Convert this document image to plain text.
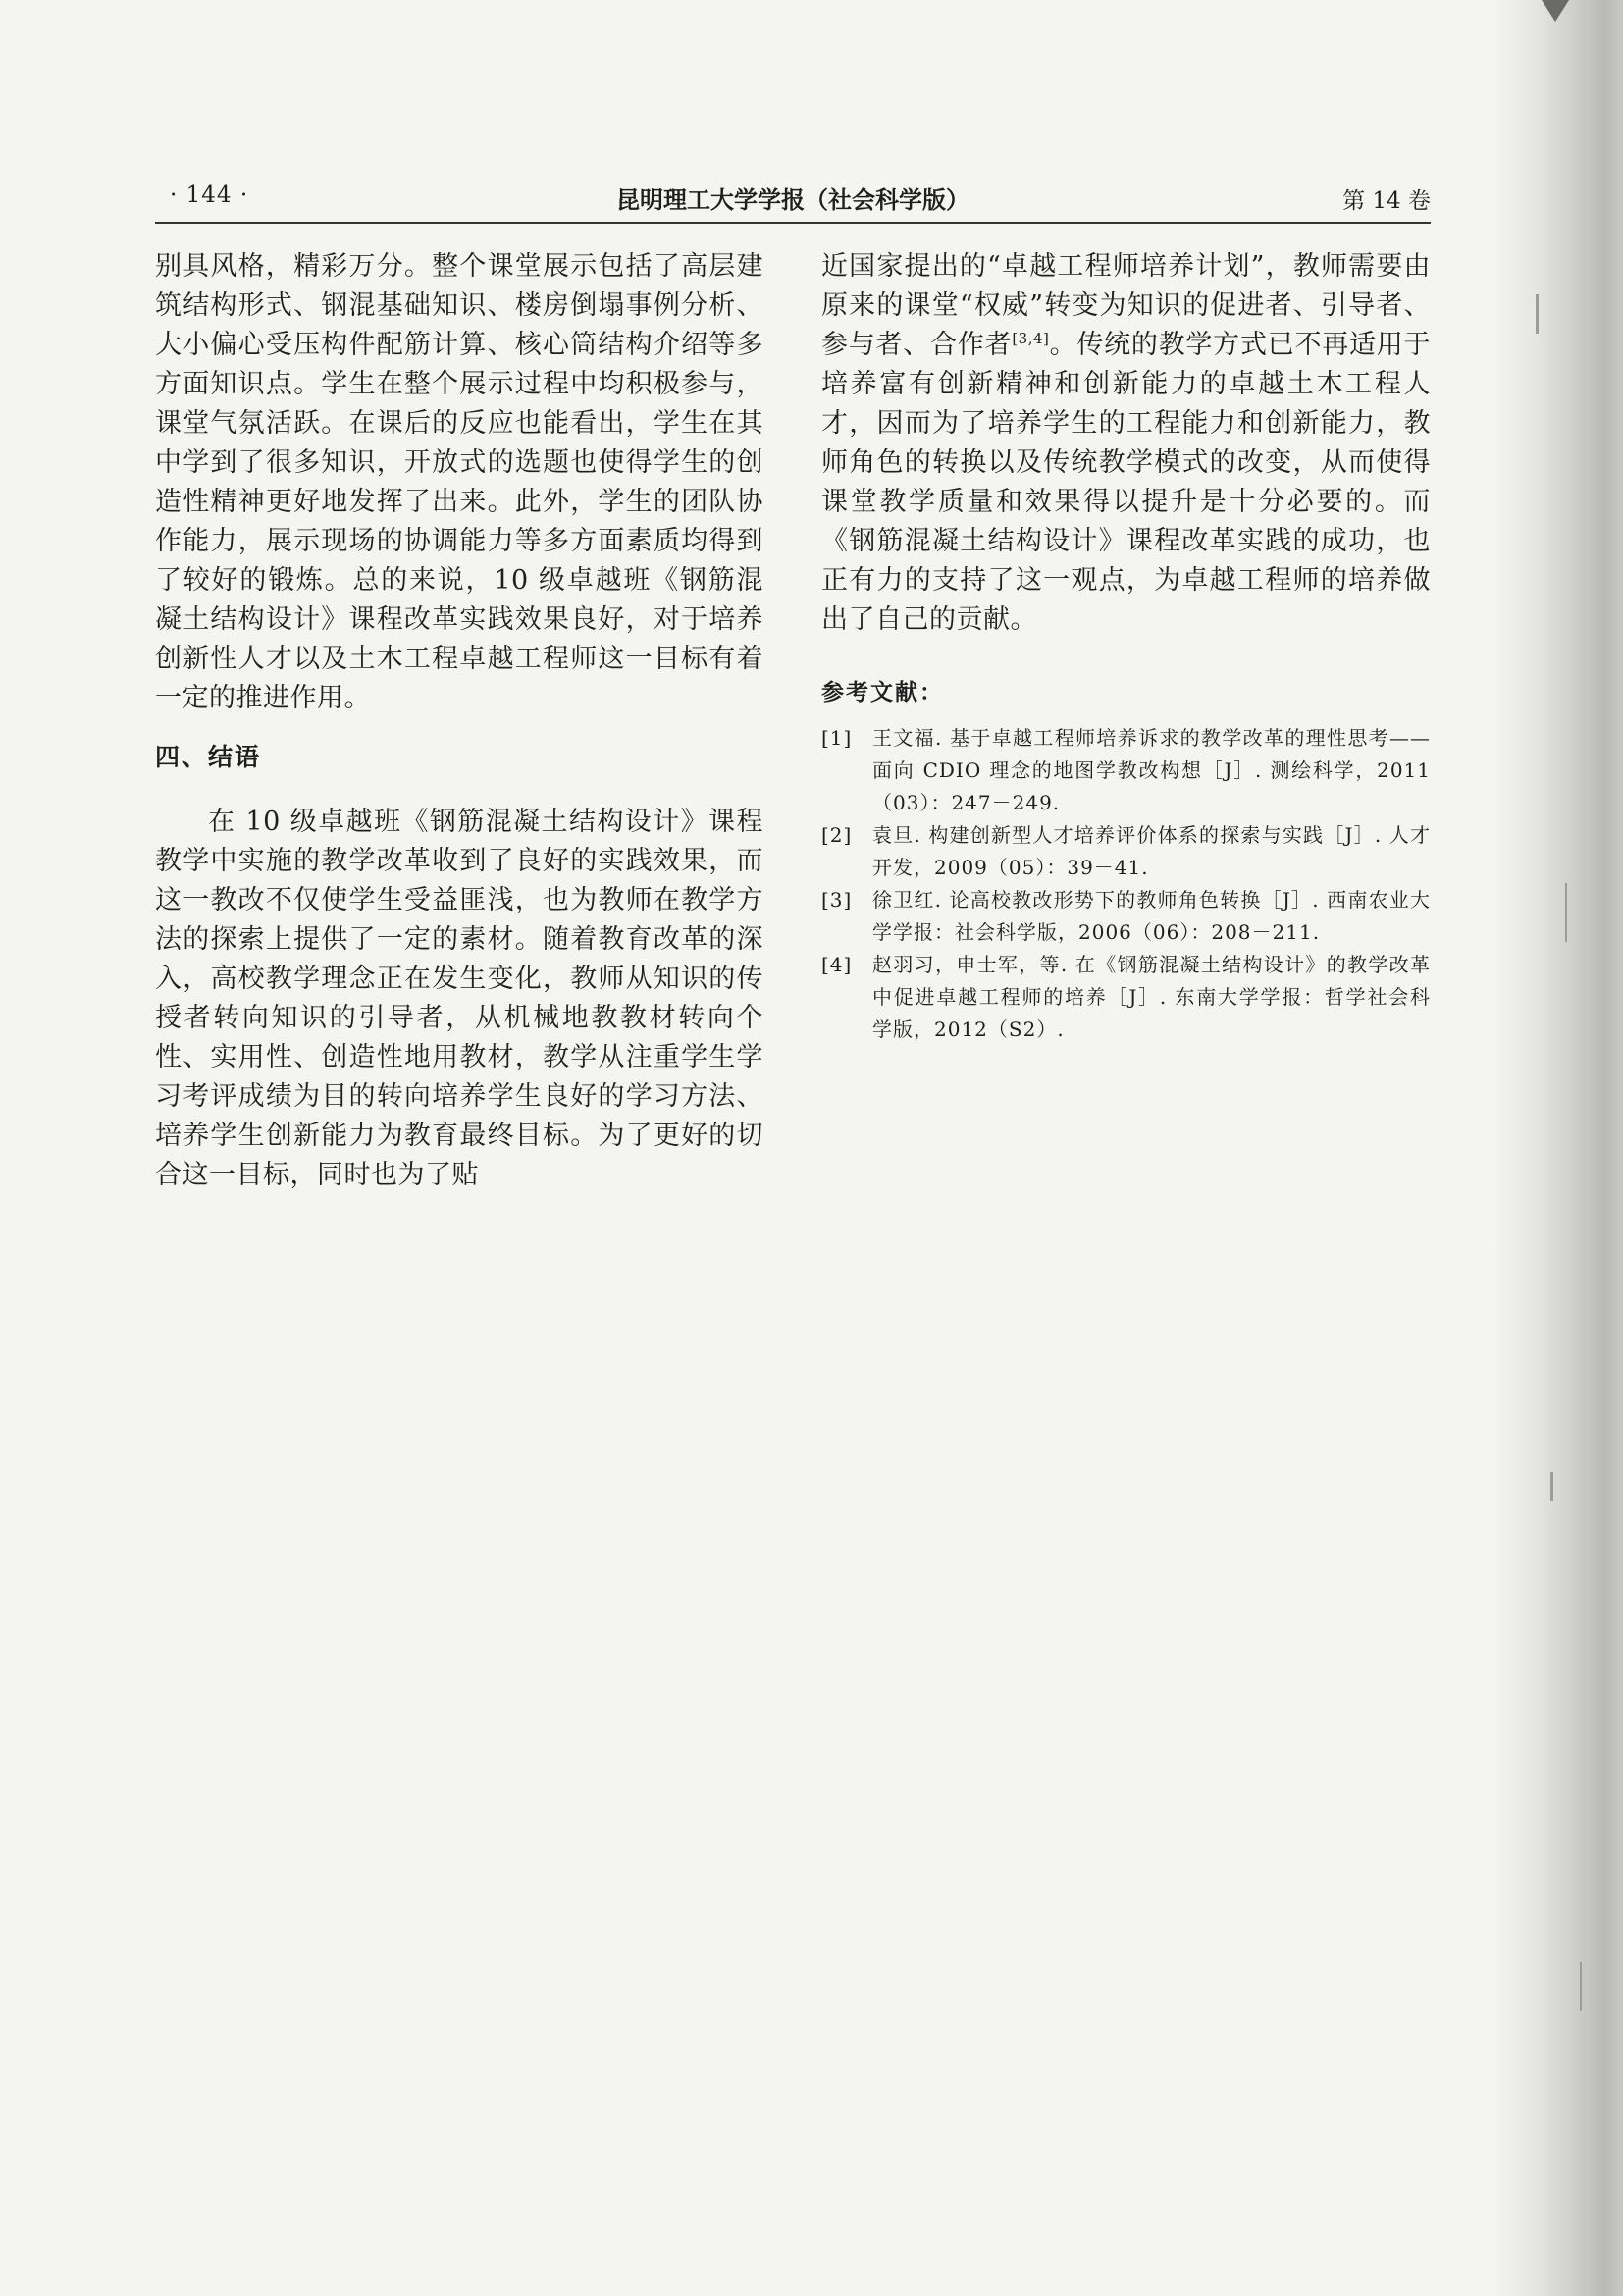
· 144 ·	昆明理工大学学报（社会科学版）	第 14 卷

别具风格，精彩万分。整个课堂展示包括了高层建筑结构形式、钢混基础知识、楼房倒塌事例分析、大小偏心受压构件配筋计算、核心筒结构介绍等多方面知识点。学生在整个展示过程中均积极参与，课堂气氛活跃。在课后的反应也能看出，学生在其中学到了很多知识，开放式的选题也使得学生的创造性精神更好地发挥了出来。此外，学生的团队协作能力，展示现场的协调能力等多方面素质均得到了较好的锻炼。总的来说，10 级卓越班《钢筋混凝土结构设计》课程改革实践效果良好，对于培养创新性人才以及土木工程卓越工程师这一目标有着一定的推进作用。

四、结语

在 10 级卓越班《钢筋混凝土结构设计》课程教学中实施的教学改革收到了良好的实践效果，而这一教改不仅使学生受益匪浅，也为教师在教学方法的探索上提供了一定的素材。随着教育改革的深入，高校教学理念正在发生变化，教师从知识的传授者转向知识的引导者，从机械地教教材转向个性、实用性、创造性地用教材，教学从注重学生学习考评成绩为目的转向培养学生良好的学习方法、培养学生创新能力为教育最终目标。为了更好的切合这一目标，同时也为了贴

近国家提出的“卓越工程师培养计划”，教师需要由原来的课堂“权威”转变为知识的促进者、引导者、参与者、合作者[3,4]。传统的教学方式已不再适用于培养富有创新精神和创新能力的卓越土木工程人才，因而为了培养学生的工程能力和创新能力，教师角色的转换以及传统教学模式的改变，从而使得课堂教学质量和效果得以提升是十分必要的。而《钢筋混凝土结构设计》课程改革实践的成功，也正有力的支持了这一观点，为卓越工程师的培养做出了自己的贡献。

参考文献：
[1]	王文福. 基于卓越工程师培养诉求的教学改革的理性思考——面向 CDIO 理念的地图学教改构想［J］. 测绘科学，2011（03）：247－249.
[2]	袁旦. 构建创新型人才培养评价体系的探索与实践［J］. 人才开发，2009（05）：39－41.
[3]	徐卫红. 论高校教改形势下的教师角色转换［J］. 西南农业大学学报：社会科学版，2006（06）：208－211.
[4]	赵羽习，申士军，等. 在《钢筋混凝土结构设计》的教学改革中促进卓越工程师的培养［J］. 东南大学学报：哲学社会科学版，2012（S2）.
